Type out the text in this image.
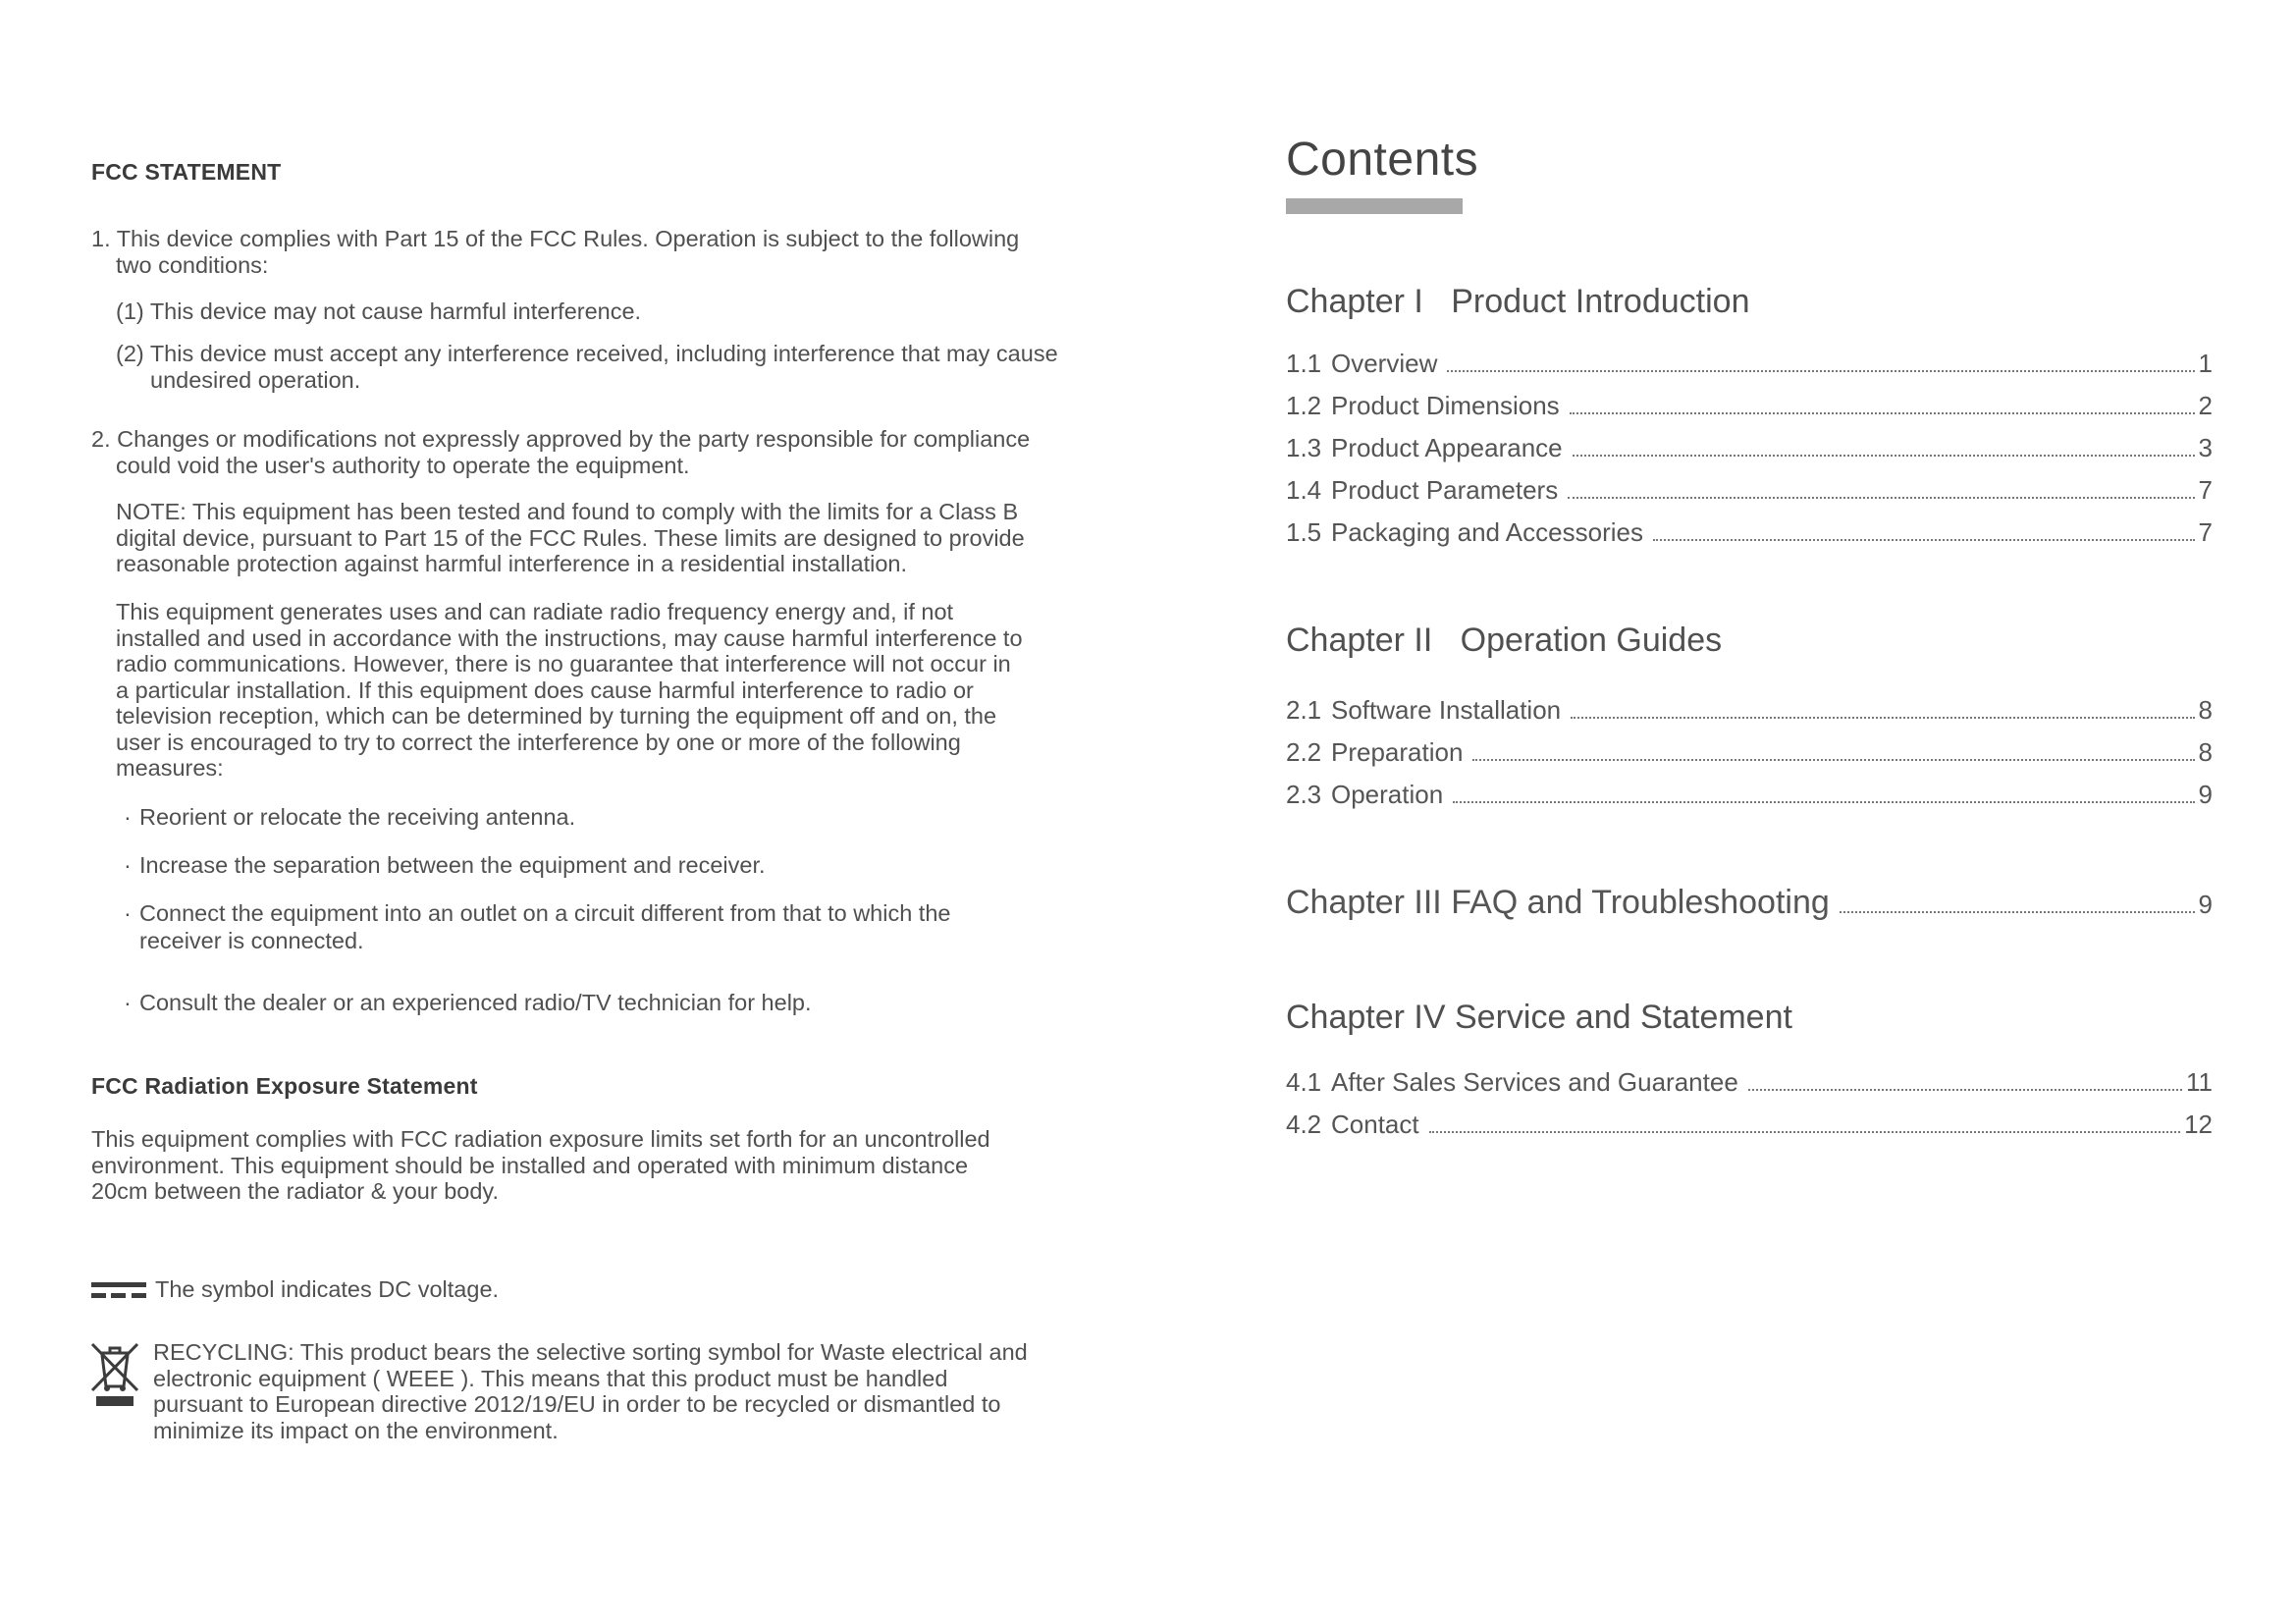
FCC STATEMENT

1. This device complies with Part 15 of the FCC Rules. Operation is subject to the following two conditions:

(1) This device may not cause harmful interference.

(2) This device must accept any interference received, including interference that may cause undesired operation.

2. Changes or modifications not expressly approved by the party responsible for compliance could void the user's authority to operate the equipment.

NOTE: This equipment has been tested and found to comply with the limits for a Class B digital device, pursuant to Part 15 of the FCC Rules. These limits are designed to provide reasonable protection against harmful interference in a residential installation.

This equipment generates uses and can radiate radio frequency energy and, if not installed and used in accordance with the instructions, may cause harmful interference to radio communications. However, there is no guarantee that interference will not occur in a particular installation. If this equipment does cause harmful interference to radio or television reception, which can be determined by turning the equipment off and on, the user is encouraged to try to correct the interference by one or more of the following measures:

· Reorient or relocate the receiving antenna.
· Increase the separation between the equipment and receiver.
· Connect the equipment into an outlet on a circuit different from that to which the receiver is connected.
· Consult the dealer or an experienced radio/TV technician for help.
FCC Radiation Exposure Statement

This equipment complies with FCC radiation exposure limits set forth for an uncontrolled environment. This equipment should be installed and operated with minimum distance 20cm between the radiator & your body.

The symbol indicates DC voltage.

RECYCLING: This product bears the selective sorting symbol for Waste electrical and electronic equipment ( WEEE ). This means that this product must be handled pursuant to European directive 2012/19/EU in order to be recycled or dismantled to minimize its impact on the environment.

Contents
Chapter I   Product Introduction
1.1 Overview	1
1.2 Product Dimensions	2
1.3 Product Appearance	3
1.4 Product Parameters	7
1.5 Packaging and Accessories	7
Chapter II   Operation Guides
2.1 Software Installation	8
2.2 Preparation	8
2.3 Operation	9
Chapter III FAQ and Troubleshooting	9
Chapter IV Service and Statement
4.1 After Sales Services and Guarantee	11
4.2 Contact	12
